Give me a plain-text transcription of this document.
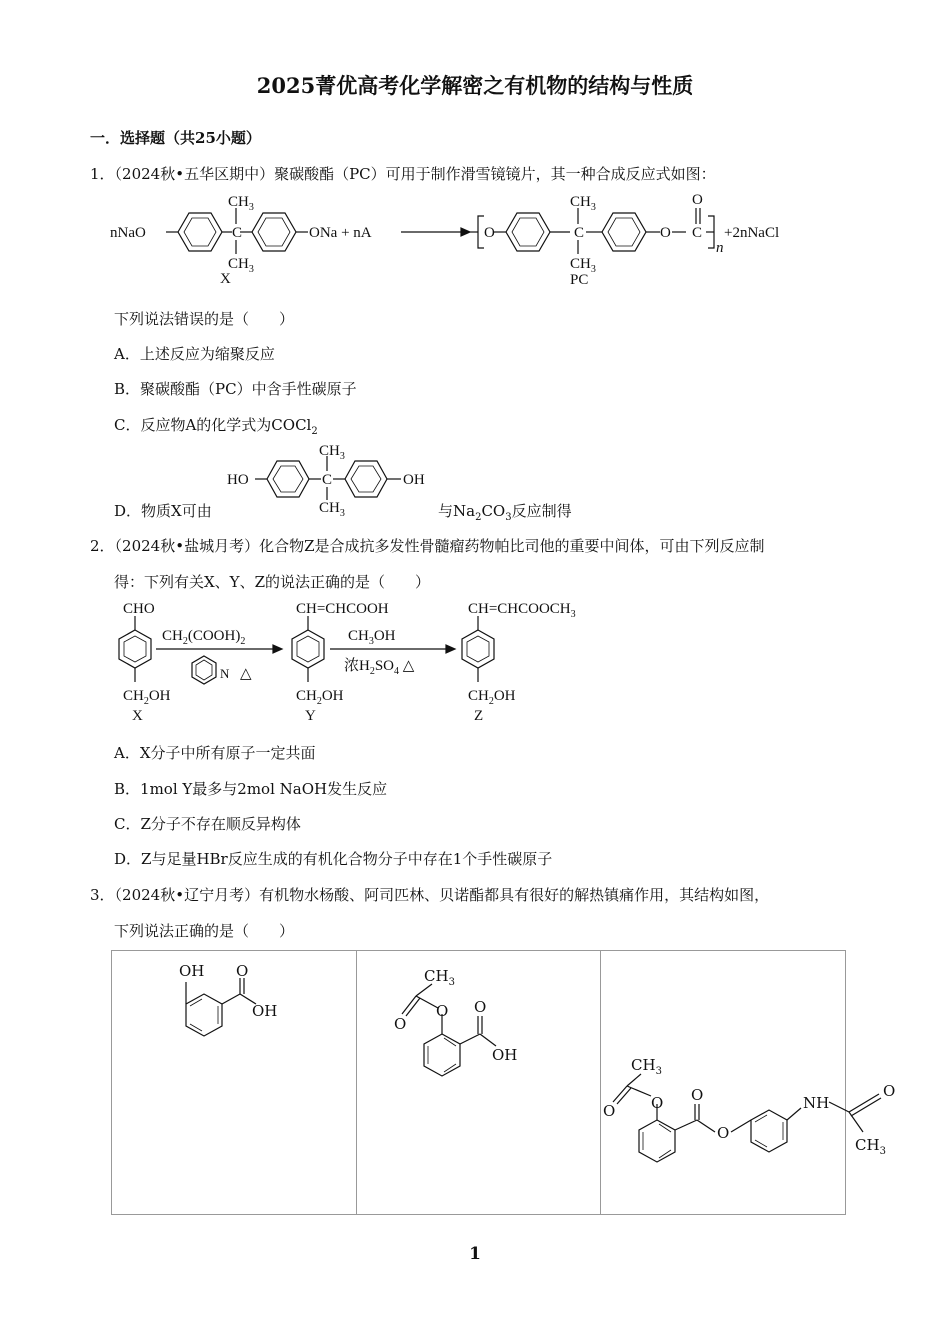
2025菁优高考化学解密之有机物的结构与性质
一．选择题（共25小题）
1．（2024秋•五华区期中）聚碳酸酯（PC）可用于制作滑雪镜镜片，其一种合成反应式如图：
nNaO	C
$CH_3$
$CH_3$
X
ONa + nA	O	C
$CH_3$
$CH_3$
PC
O C
O
n
+2nNaCl
下列说法错误的是（　　）
A．上述反应为缩聚反应
B．聚碳酸酯（PC）中含手性碳原子
C．反应物A的化学式为COCl$_2$
HO	C
$CH_3$
$CH_3$
OH
D．物质X可由	与$Na_2CO_3$反应制得
2．（2024秋•盐城月考）化合物Z是合成抗多发性骨髓瘤药物帕比司他的重要中间体，可由下列反应制
得：下列有关X、Y、Z的说法正确的是（　　）
CHO
$CH_2OH$
X
$CH_2(COOH)_2$
N △
CH=CHCOOH
$CH_2OH$
Y
$CH_3OH$
浓$H_2SO_4$ △
$CH=CHCOOCH_3$
$CH_2OH$
Z
A．X分子中所有原子一定共面
B．1mol Y最多与2mol NaOH发生反应
C．Z分子不存在顺反异构体
D．Z与足量HBr反应生成的有机化合物分子中存在1个手性碳原子
3．（2024秋•辽宁月考）有机物水杨酸、阿司匹林、贝诺酯都具有很好的解热镇痛作用，其结构如图，
下列说法正确的是（　　）
OH O
OH

$CH_3$
O
O O
OH

$CH_3$
O O O
O
NH
O
$CH_3$
1
